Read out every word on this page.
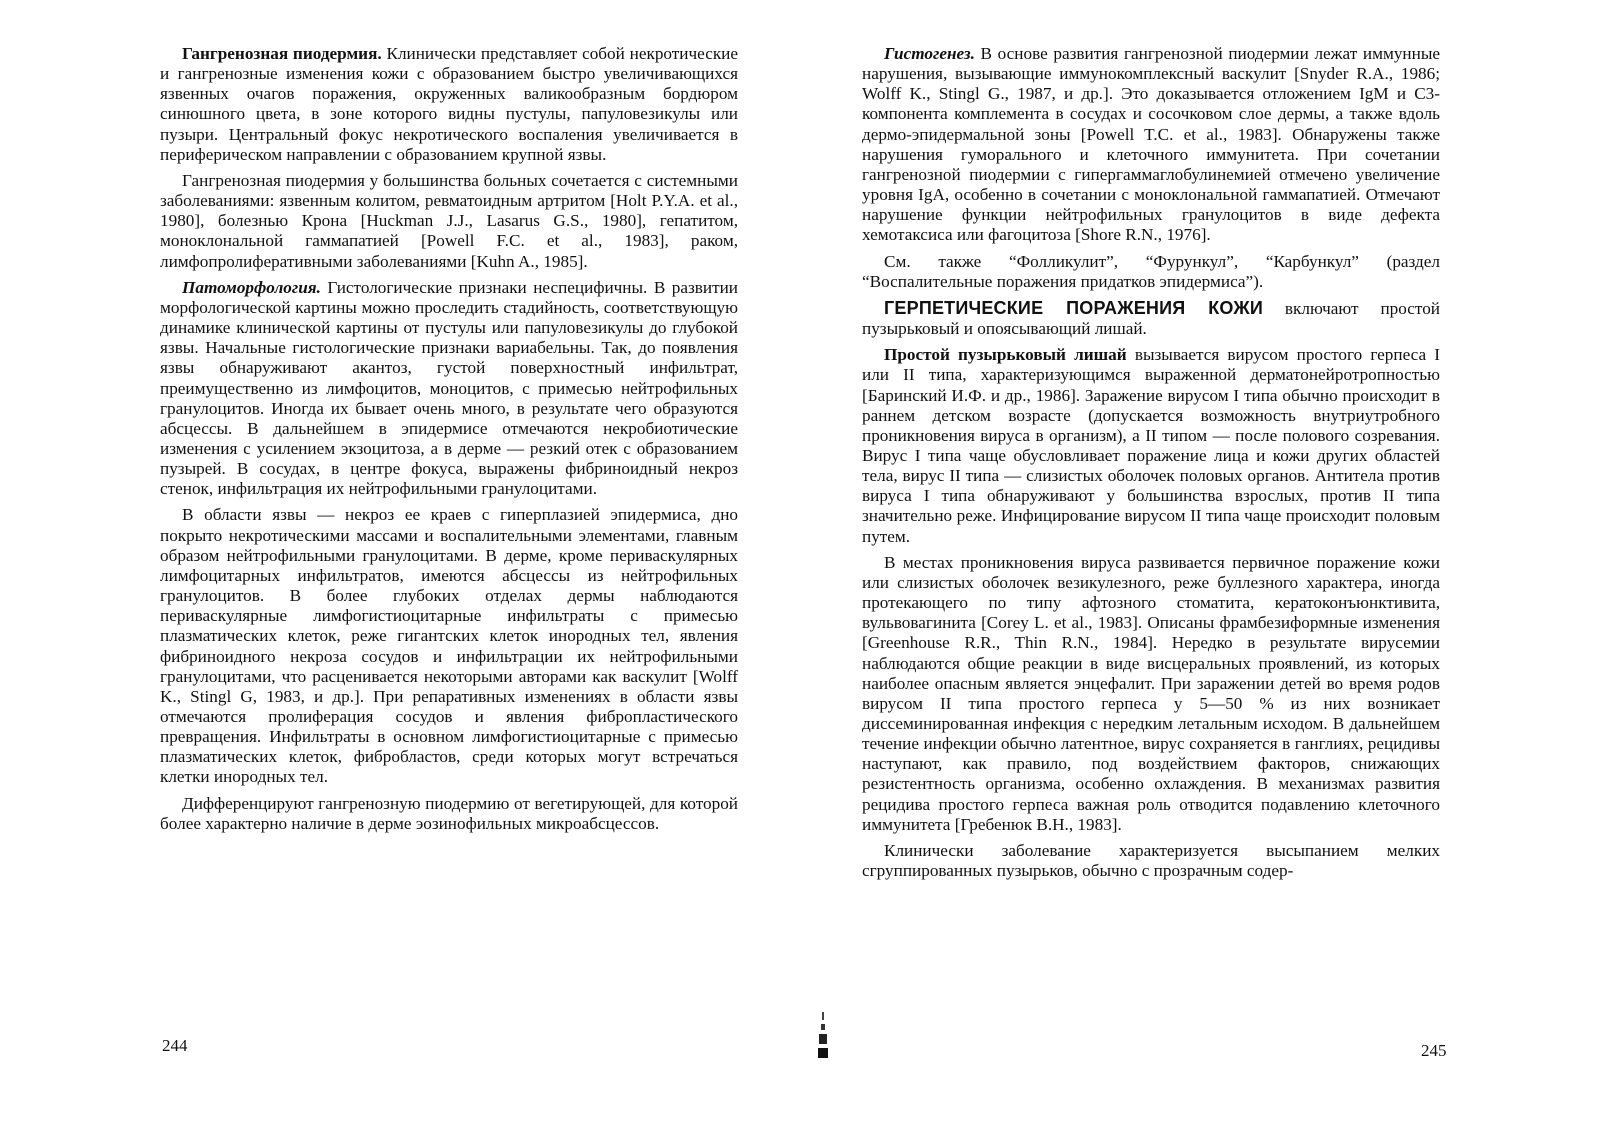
Гангренозная пиодермия. Клинически представляет собой некротические и гангренозные изменения кожи с образованием быстро увеличивающихся язвенных очагов поражения, окруженных валикообразным бордюром синюшного цвета, в зоне которого видны пустулы, папуловезикулы или пузыри. Центральный фокус некротического воспаления увеличивается в периферическом направлении с образованием крупной язвы.

Гангренозная пиодермия у большинства больных сочетается с системными заболеваниями: язвенным колитом, ревматоидным артритом [Holt P.Y.A. et al., 1980], болезнью Крона [Huckman J.J., Lasarus G.S., 1980], гепатитом, моноклональной гаммапатией [Powell F.C. et al., 1983], раком, лимфопролиферативными заболеваниями [Kuhn A., 1985].

Патоморфология. Гистологические признаки неспецифичны. В развитии морфологической картины можно проследить стадийность, соответствующую динамике клинической картины от пустулы или папуловезикулы до глубокой язвы. Начальные гистологические признаки вариабельны. Так, до появления язвы обнаруживают акантоз, густой поверхностный инфильтрат, преимущественно из лимфоцитов, моноцитов, с примесью нейтрофильных гранулоцитов. Иногда их бывает очень много, в результате чего образуются абсцессы. В дальнейшем в эпидермисе отмечаются некробиотические изменения с усилением экзоцитоза, а в дерме — резкий отек с образованием пузырей. В сосудах, в центре фокуса, выражены фибриноидный некроз стенок, инфильтрация их нейтрофильными гранулоцитами.

В области язвы — некроз ее краев с гиперплазией эпидермиса, дно покрыто некротическими массами и воспалительными элементами, главным образом нейтрофильными гранулоцитами. В дерме, кроме периваскулярных лимфоцитарных инфильтратов, имеются абсцессы из нейтрофильных гранулоцитов. В более глубоких отделах дермы наблюдаются периваскулярные лимфогистиоцитарные инфильтраты с примесью плазматических клеток, реже гигантских клеток инородных тел, явления фибриноидного некроза сосудов и инфильтрации их нейтрофильными гранулоцитами, что расценивается некоторыми авторами как васкулит [Wolff K., Stingl G, 1983, и др.]. При репаративных изменениях в области язвы отмечаются пролиферация сосудов и явления фибропластического превращения. Инфильтраты в основном лимфогистиоцитарные с примесью плазматических клеток, фибробластов, среди которых могут встречаться клетки инородных тел.

Дифференцируют гангренозную пиодермию от вегетирующей, для которой более характерно наличие в дерме эозинофильных микроабсцессов.

Гистогенез. В основе развития гангренозной пиодермии лежат иммунные нарушения, вызывающие иммунокомплексный васкулит [Snyder R.A., 1986; Wolff K., Stingl G., 1987, и др.]. Это доказывается отложением IgM и C3-компонента комплемента в сосудах и сосочковом слое дермы, а также вдоль дермо-эпидермальной зоны [Powell T.C. et al., 1983]. Обнаружены также нарушения гуморального и клеточного иммунитета. При сочетании гангренозной пиодермии с гипергаммаглобулинемией отмечено увеличение уровня IgA, особенно в сочетании с моноклональной гаммапатией. Отмечают нарушение функции нейтрофильных гранулоцитов в виде дефекта хемотаксиса или фагоцитоза [Shore R.N., 1976].

См. также “Фолликулит”, “Фурункул”, “Карбункул” (раздел “Воспалительные поражения придатков эпидермиса”).

ГЕРПЕТИЧЕСКИЕ ПОРАЖЕНИЯ КОЖИ включают простой пузырьковый и опоясывающий лишай.

Простой пузырьковый лишай вызывается вирусом простого герпеса I или II типа, характеризующимся выраженной дерматонейротропностью [Баринский И.Ф. и др., 1986]. Заражение вирусом I типа обычно происходит в раннем детском возрасте (допускается возможность внутриутробного проникновения вируса в организм), а II типом — после полового созревания. Вирус I типа чаще обусловливает поражение лица и кожи других областей тела, вирус II типа — слизистых оболочек половых органов. Антитела против вируса I типа обнаруживают у большинства взрослых, против II типа значительно реже. Инфицирование вирусом II типа чаще происходит половым путем.

В местах проникновения вируса развивается первичное поражение кожи или слизистых оболочек везикулезного, реже буллезного характера, иногда протекающего по типу афтозного стоматита, кератоконъюнктивита, вульвовагинита [Corey L. et al., 1983]. Описаны фрамбезиформные изменения [Greenhouse R.R., Thin R.N., 1984]. Нередко в результате вирусемии наблюдаются общие реакции в виде висцеральных проявлений, из которых наиболее опасным является энцефалит. При заражении детей во время родов вирусом II типа простого герпеса у 5—50 % из них возникает диссеминированная инфекция с нередким летальным исходом. В дальнейшем течение инфекции обычно латентное, вирус сохраняется в ганглиях, рецидивы наступают, как правило, под воздействием факторов, снижающих резистентность организма, особенно охлаждения. В механизмах развития рецидива простого герпеса важная роль отводится подавлению клеточного иммунитета [Гребенюк В.Н., 1983].

Клинически заболевание характеризуется высыпанием мелких сгруппированных пузырьков, обычно с прозрачным содер-

244	245
